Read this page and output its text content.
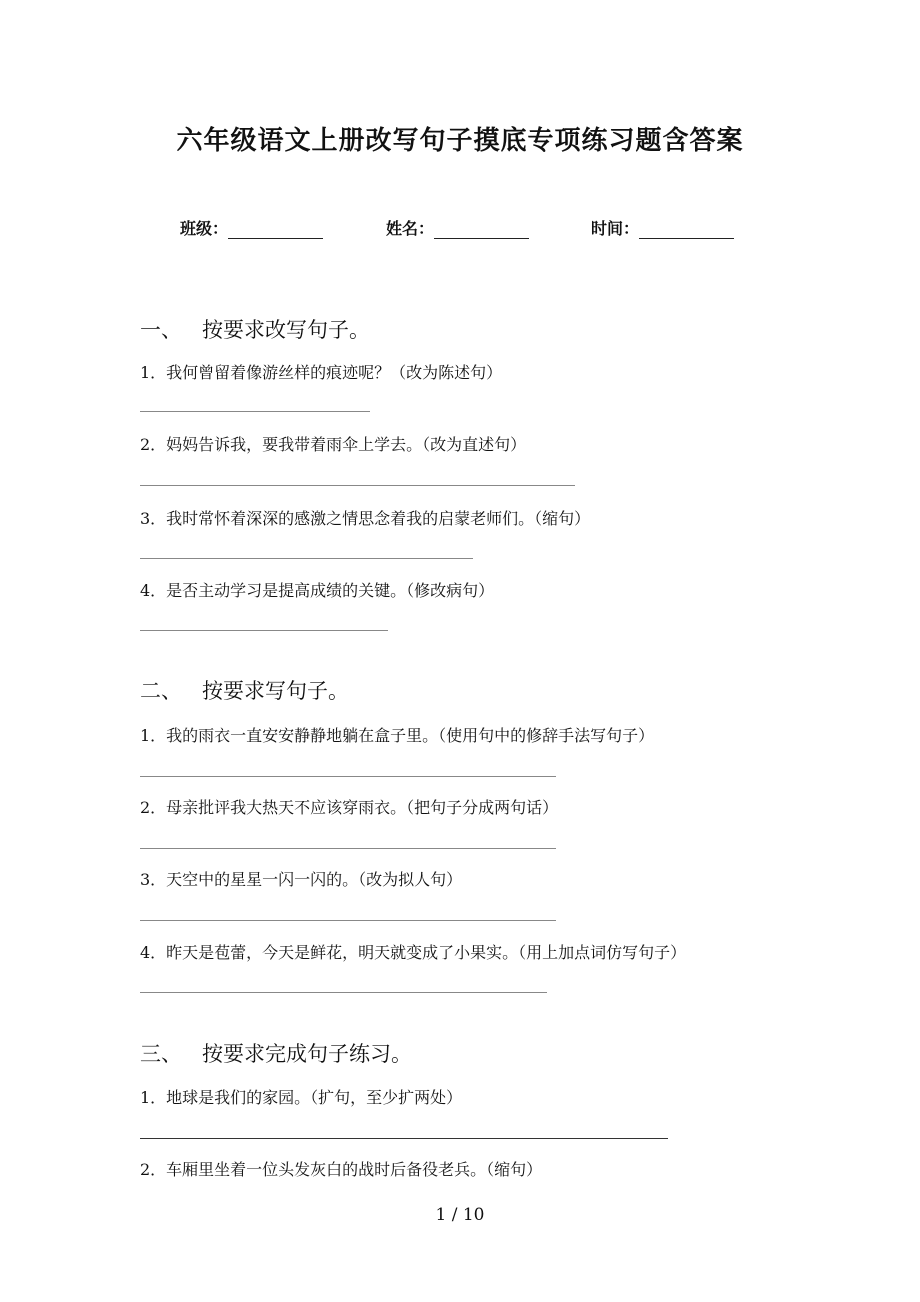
六年级语文上册改写句子摸底专项练习题含答案
班级：	姓名：	时间：
一、 按要求改写句子。
1．我何曾留着像游丝样的痕迹呢？（改为陈述句）
2．妈妈告诉我，要我带着雨伞上学去。（改为直述句）
3．我时常怀着深深的感激之情思念着我的启蒙老师们。（缩句）
4．是否主动学习是提高成绩的关键。（修改病句）
二、 按要求写句子。
1．我的雨衣一直安安静静地躺在盒子里。（使用句中的修辞手法写句子）
2．母亲批评我大热天不应该穿雨衣。（把句子分成两句话）
3．天空中的星星一闪一闪的。（改为拟人句）
4．昨天是苞蕾，今天是鲜花，明天就变成了小果实。（用上加点词仿写句子）
三、 按要求完成句子练习。
1．地球是我们的家园。（扩句，至少扩两处）
2．车厢里坐着一位头发灰白的战时后备役老兵。（缩句）
1 / 10
